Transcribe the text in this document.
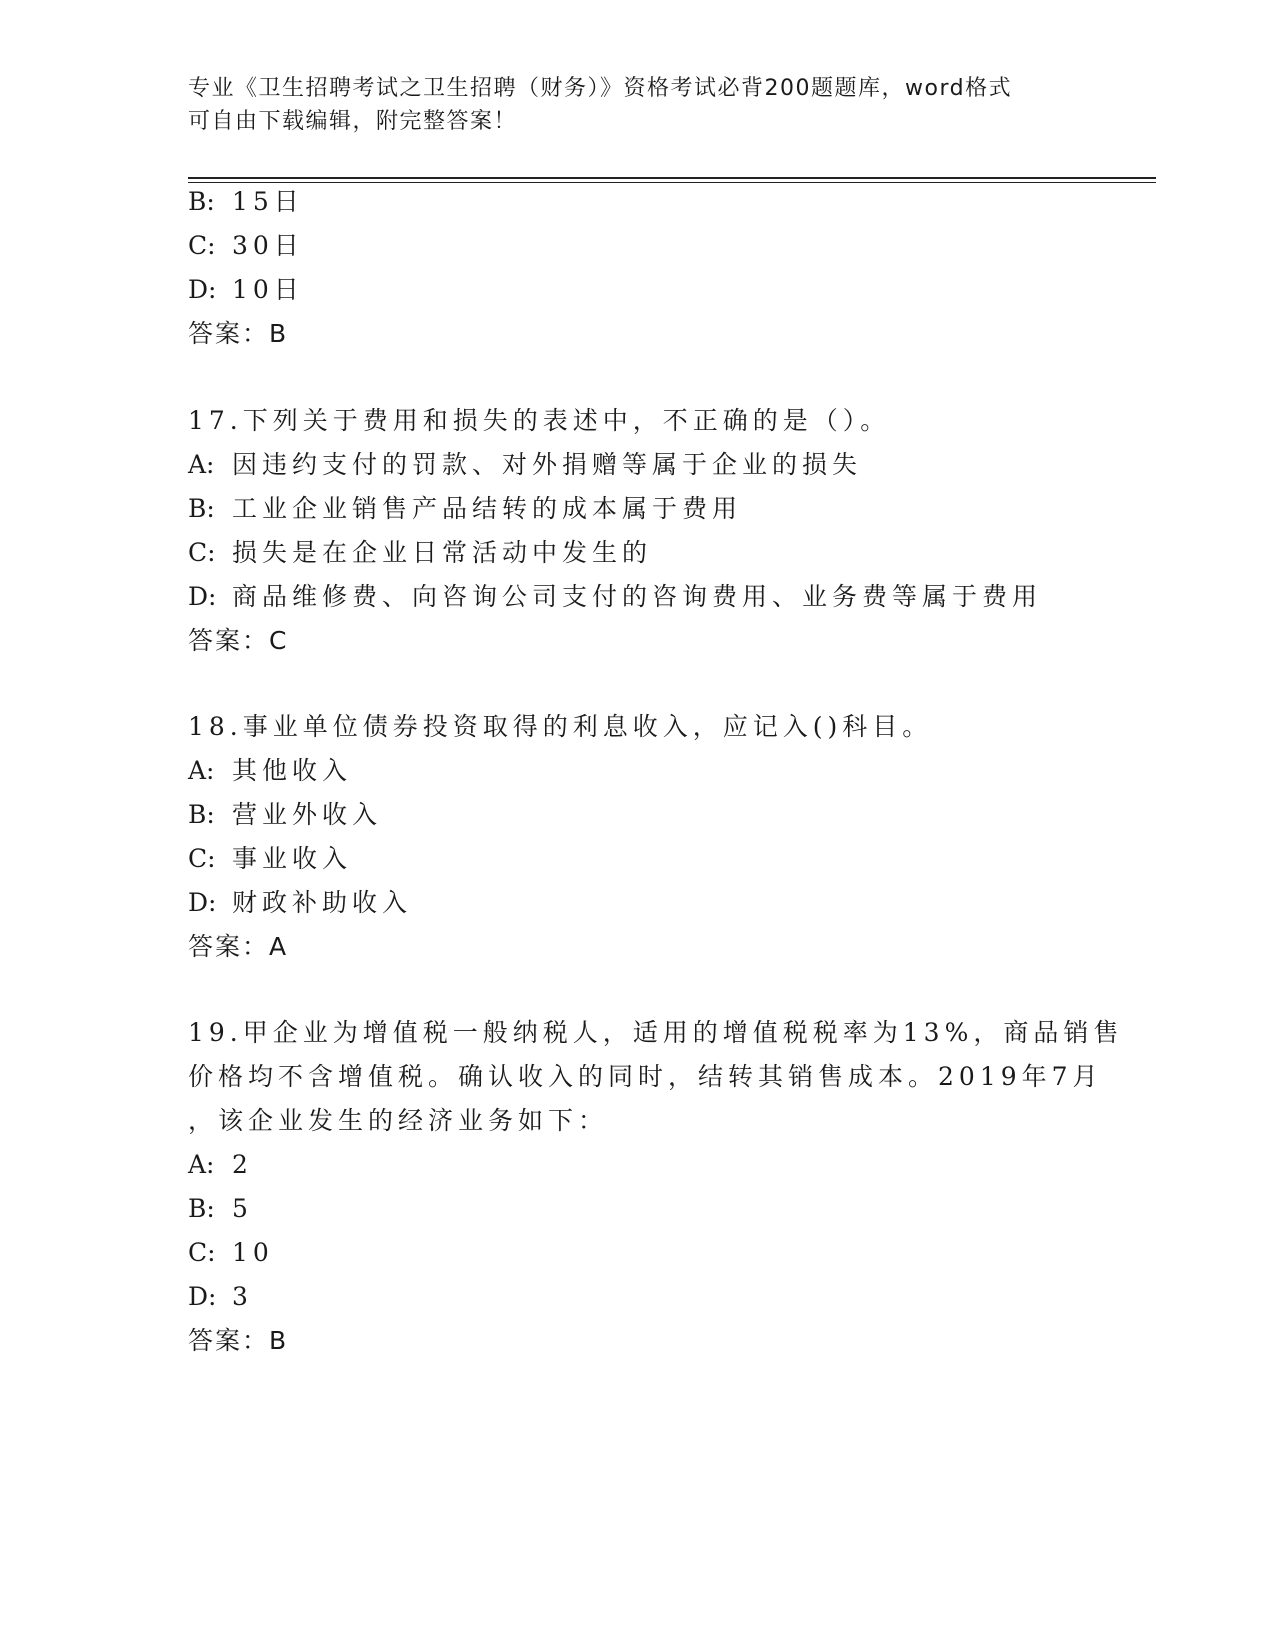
专业《卫生招聘考试之卫生招聘（财务）》资格考试必背200题题库，word格式
可自由下载编辑，附完整答案！
B: 15日
C: 30日
D: 10日
答案：B
17.下列关于费用和损失的表述中，不正确的是（）。
A: 因违约支付的罚款、对外捐赠等属于企业的损失
B: 工业企业销售产品结转的成本属于费用
C: 损失是在企业日常活动中发生的
D: 商品维修费、向咨询公司支付的咨询费用、业务费等属于费用
答案：C
18.事业单位债券投资取得的利息收入，应记入()科目。
A: 其他收入
B: 营业外收入
C: 事业收入
D: 财政补助收入
答案：A
19.甲企业为增值税一般纳税人，适用的增值税税率为13%，商品销售
价格均不含增值税。确认收入的同时，结转其销售成本。2019年7月
，该企业发生的经济业务如下：
A: 2
B: 5
C: 10
D: 3
答案：B
